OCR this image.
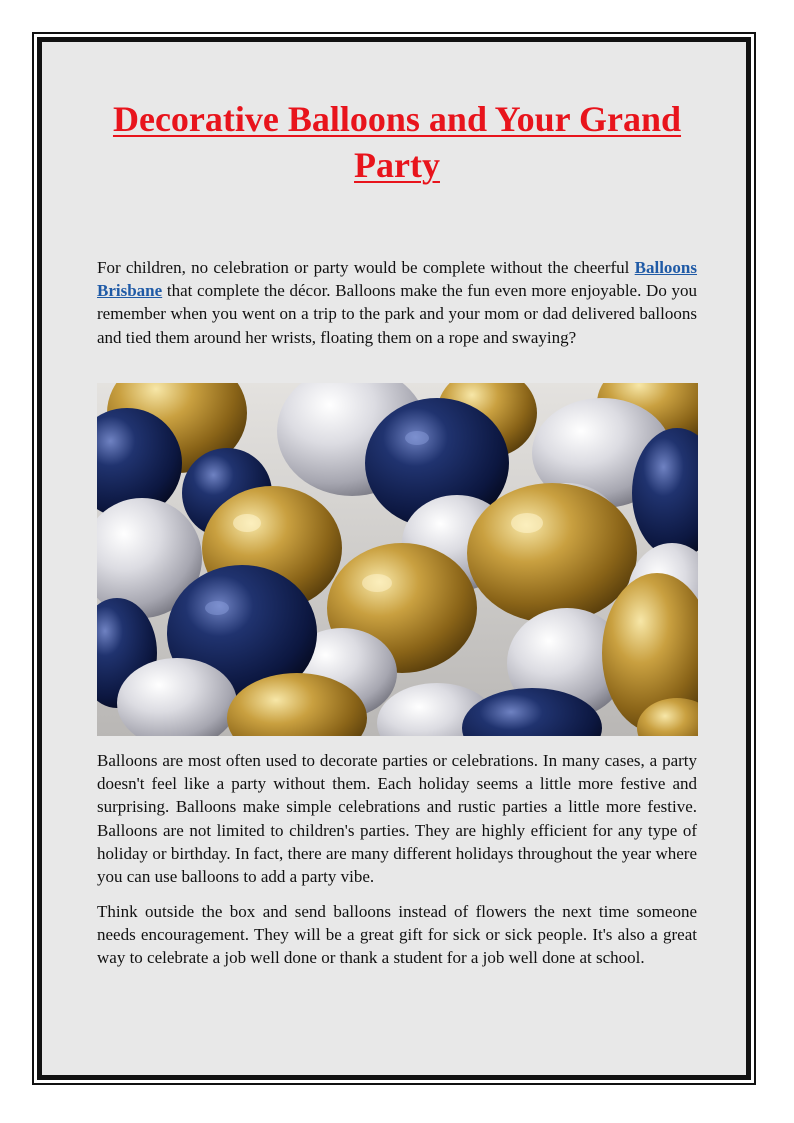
Decorative Balloons and Your Grand Party

For children, no celebration or party would be complete without the cheerful Balloons Brisbane that complete the décor. Balloons make the fun even more enjoyable. Do you remember when you went on a trip to the park and your mom or dad delivered balloons and tied them around her wrists, floating them on a rope and swaying?

Balloons are most often used to decorate parties or celebrations. In many cases, a party doesn't feel like a party without them. Each holiday seems a little more festive and surprising. Balloons make simple celebrations and rustic parties a little more festive. Balloons are not limited to children's parties. They are highly efficient for any type of holiday or birthday. In fact, there are many different holidays throughout the year where you can use balloons to add a party vibe.

Think outside the box and send balloons instead of flowers the next time someone needs encouragement. They will be a great gift for sick or sick people. It's also a great way to celebrate a job well done or thank a student for a job well done at school.
